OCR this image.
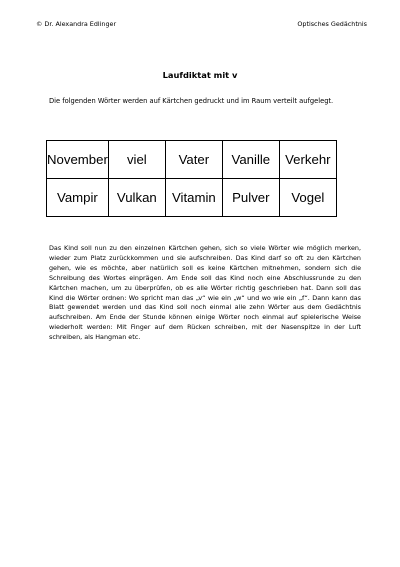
© Dr. Alexandra Edlinger	Optisches Gedächtnis
Laufdiktat mit v
Die folgenden Wörter werden auf Kärtchen gedruckt und im Raum verteilt aufgelegt.
November	viel	Vater	Vanille	Verkehr
Vampir	Vulkan	Vitamin	Pulver	Vogel
Das Kind soll nun zu den einzelnen Kärtchen gehen, sich so viele Wörter wie möglich merken, wieder zum Platz zurückkommen und sie aufschreiben. Das Kind darf so oft zu den Kärtchen gehen, wie es möchte, aber natürlich soll es keine Kärtchen mitnehmen, sondern sich die Schreibung des Wortes einprägen. Am Ende soll das Kind noch eine Abschlussrunde zu den Kärtchen machen, um zu überprüfen, ob es alle Wörter richtig geschrieben hat. Dann soll das Kind die Wörter ordnen: Wo spricht man das „v“ wie ein „w“ und wo wie ein „f“. Dann kann das Blatt gewendet werden und das Kind soll noch einmal alle zehn Wörter aus dem Gedächtnis aufschreiben. Am Ende der Stunde können einige Wörter noch einmal auf spielerische Weise wiederholt werden: Mit Finger auf dem Rücken schreiben, mit der Nasenspitze in der Luft schreiben, als Hangman etc.
